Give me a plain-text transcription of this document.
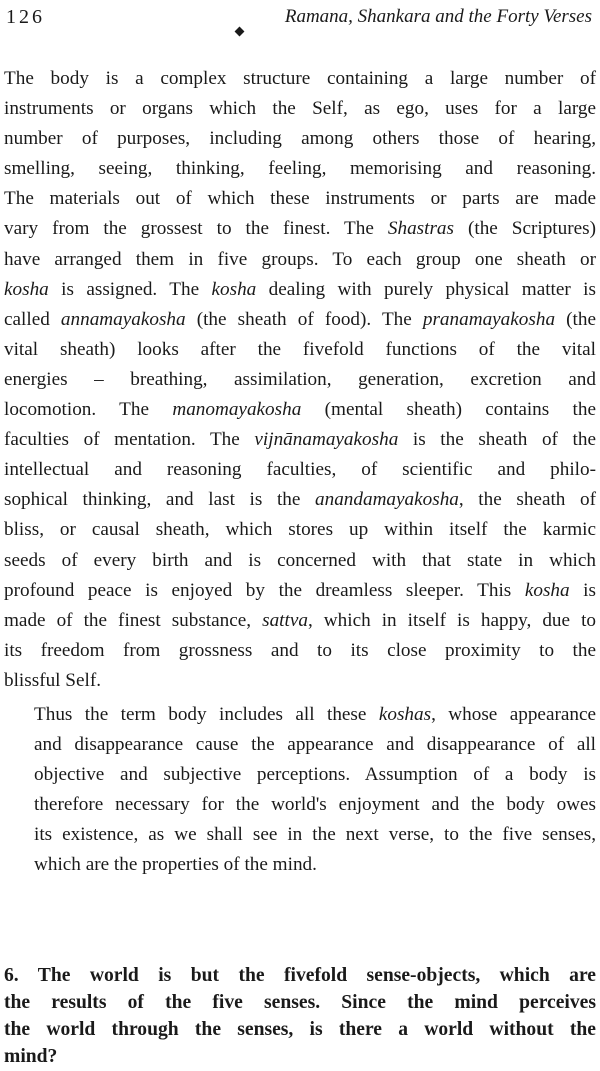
126	Ramana, Shankara and the Forty Verses

The body is a complex structure containing a large number of
instruments or organs which the Self, as ego, uses for a large
number of purposes, including among others those of hearing,
smelling, seeing, thinking, feeling, memorising and reasoning.
The materials out of which these instruments or parts are made
vary from the grossest to the finest. The Shastras (the Scriptures)
have arranged them in five groups. To each group one sheath or
kosha is assigned. The kosha dealing with purely physical matter is
called annamayakosha (the sheath of food). The pranamayakosha (the
vital sheath) looks after the fivefold functions of the vital
energies – breathing, assimilation, generation, excretion and
locomotion. The manomayakosha (mental sheath) contains the
faculties of mentation. The vijnānamayakosha is the sheath of the
intellectual and reasoning faculties, of scientific and philo-
sophical thinking, and last is the anandamayakosha, the sheath of
bliss, or causal sheath, which stores up within itself the karmic
seeds of every birth and is concerned with that state in which
profound peace is enjoyed by the dreamless sleeper. This kosha is
made of the finest substance, sattva, which in itself is happy, due to
its freedom from grossness and to its close proximity to the
blissful Self.

Thus the term body includes all these koshas, whose appearance
and disappearance cause the appearance and disappearance of all
objective and subjective perceptions. Assumption of a body is
therefore necessary for the world's enjoyment and the body owes
its existence, as we shall see in the next verse, to the five senses,
which are the properties of the mind.

6. The world is but the fivefold sense-objects, which are
the results of the five senses. Since the mind perceives
the world through the senses, is there a world without the
mind?
